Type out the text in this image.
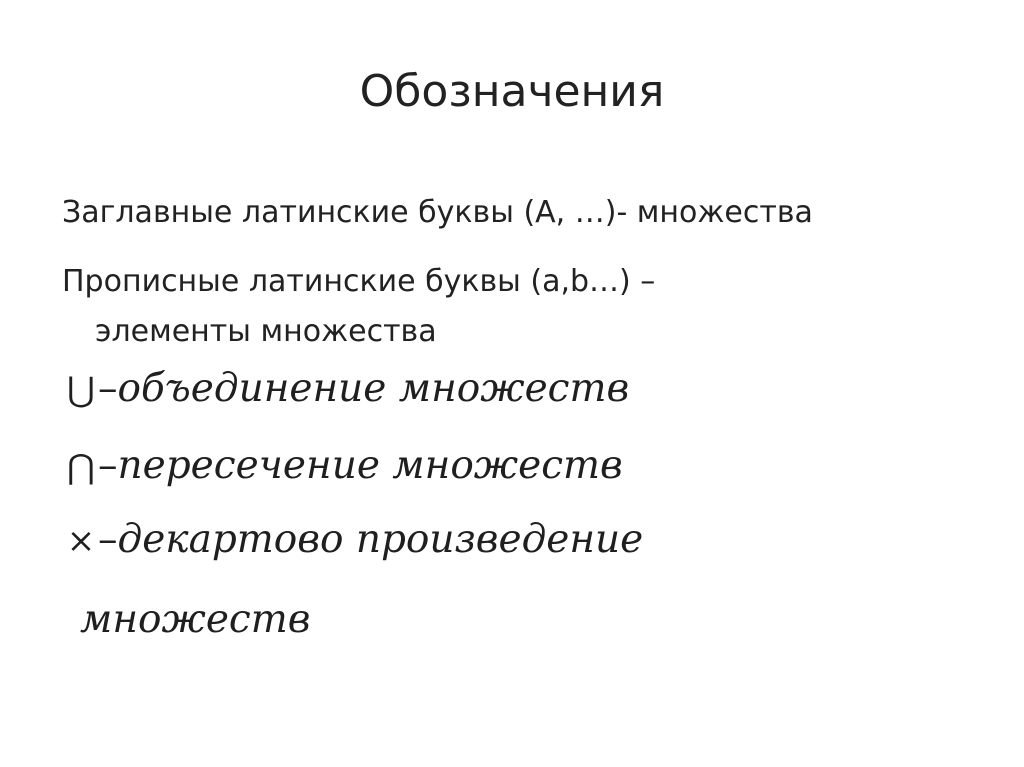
Обозначения
Заглавные латинские буквы (A, …)- множества
Прописные латинские буквы (a,b…) –
элементы множества
⋃–объединение множеств
⋂–пересечение множеств
×–декартово произведение
множеств
